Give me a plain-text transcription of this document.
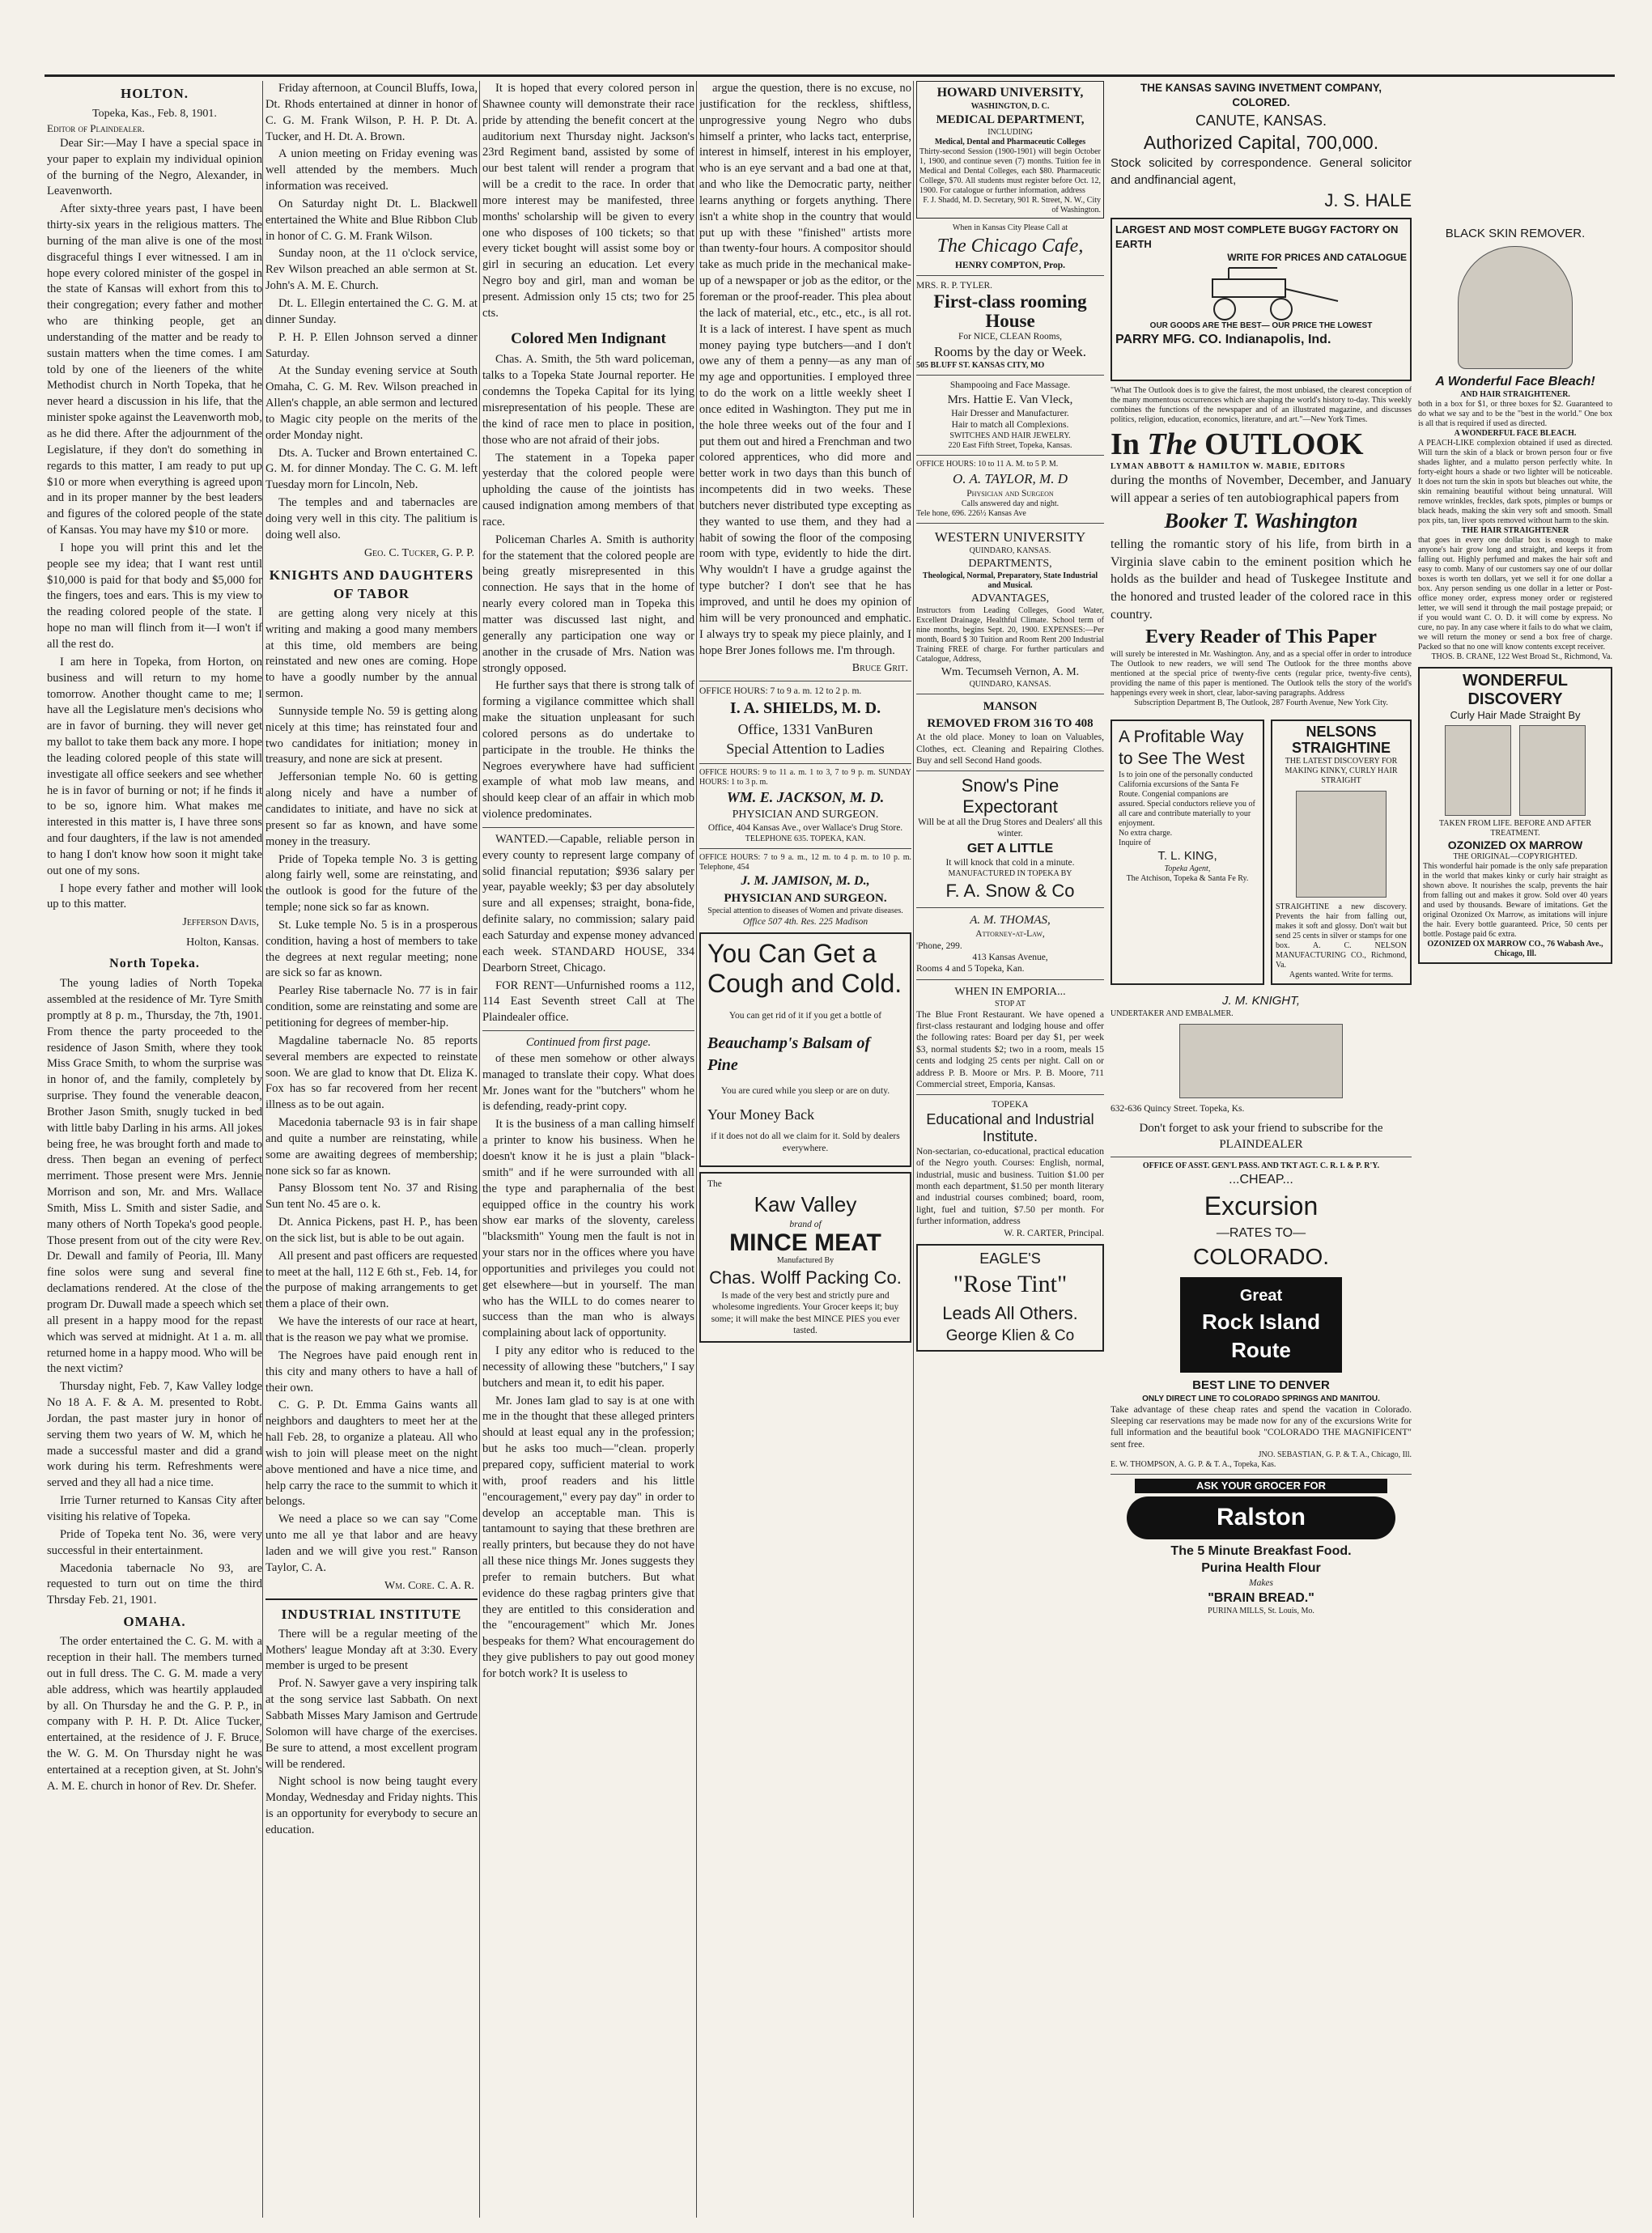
HOLTON.
Topeka, Kas., Feb. 8, 1901.
Editor of Plaindealer.

Dear Sir:—May I have a special space in your paper to explain my individual opinion of the burning of the Negro, Alexander, in Leavenworth.

After sixty-three years past, I have been thirty-six years in the religious matters. The burning of the man alive is one of the most disgraceful things I ever witnessed. I am in hope every colored minister of the gospel in the state of Kansas will exhort from this to their congregation; every father and mother who are thinking people, get an understanding of the matter and be ready to sustain matters when the time comes. I am told by one of the lieeners of the white Methodist church in North Topeka, that he never heard a discussion in his life, that the minister spoke against the Leavenworth mob, as he did there. After the adjournment of the Legislature, if they don't do something in regards to this matter, I am ready to put up $10 or more when everything is agreed upon and in its proper manner by the best leaders and figures of the colored people of the state of Kansas. You may have my $10 or more.

I hope you will print this and let the people see my idea; that I want rest until $10,000 is paid for that body and $5,000 for the fingers, toes and ears. This is my view to the reading colored people of the state. I hope no man will flinch from it—I won't if all the rest do.

I am here in Topeka, from Horton, on business and will return to my home tomorrow. Another thought came to me; I have all the Legislature men's decisions who are in favor of burning. they will never get my ballot to take them back any more. I hope the leading colored people of this state will investigate all office seekers and see whether he is in favor of burning or not; if he finds it to be so, ignore him. What makes me interested in this matter is, I have three sons and four daughters, if the law is not amended to hang I don't know how soon it might take out one of my sons.

I hope every father and mother will look up to this matter.

Jefferson Davis,
Holton, Kansas.
North Topeka.

The young ladies of North Topeka assembled at the residence of Mr. Tyre Smith promptly at 8 p. m., Thursday, the 7th, 1901. From thence the party proceeded to the residence of Jason Smith, where they took Miss Grace Smith, to whom the surprise was in honor of, and the family, completely by surprise. They found the venerable deacon, Brother Jason Smith, snugly tucked in bed with little baby Darling in his arms. All jokes being free, he was brought forth and made to dress. Then began an evening of perfect merriment. Those present were Mrs. Jennie Morrison and son, Mr. and Mrs. Wallace Smith, Miss L. Smith and sister Sadie, and many others of North Topeka's good people. Those present from out of the city were Rev. Dr. Dewall and family of Peoria, Ill. Many fine solos were sung and several fine declamations rendered. At the close of the program Dr. Duwall made a speech which set all present in a happy mood for the repast which was served at midnight. At 1 a. m. all returned home in a happy mood. Who will be the next victim?

Thursday night, Feb. 7, Kaw Valley lodge No 18 A. F. & A. M. presented to Robt. Jordan, the past master jury in honor of serving them two years of W. M, which he made a successful master and did a grand work during his term. Refreshments were served and they all had a nice time.

Irrie Turner returned to Kansas City after visiting his relative of Topeka.

Pride of Topeka tent No. 36, were very successful in their entertainment.

Macedonia tabernacle No 93, are requested to turn out on time the third Thrsday Feb. 21, 1901.

OMAHA.

The order entertained the C. G. M. with a reception in their hall. The members turned out in full dress. The C. G. M. made a very able address, which was heartily applauded by all. On Thursday he and the G. P. P., in company with P. H. P. Dt. Alice Tucker, entertained, at the residence of J. F. Bruce, the W. G. M. On Thursday night he was entertained at a reception given, at St. John's A. M. E. church in honor of Rev. Dr. Shefer.

Friday afternoon, at Council Bluffs, Iowa, Dt. Rhods entertained at dinner in honor of C. G. M. Frank Wilson, P. H. P. Dt. A. Tucker, and H. Dt. A. Brown.

A union meeting on Friday evening was well attended by the members. Much information was received.

On Saturday night Dt. L. Blackwell entertained the White and Blue Ribbon Club in honor of C. G. M. Frank Wilson.

Sunday noon, at the 11 o'clock service, Rev Wilson preached an able sermon at St. John's A. M. E. Church.

Dt. L. Ellegin entertained the C. G. M. at dinner Sunday.

P. H. P. Ellen Johnson served a dinner Saturday.

At the Sunday evening service at South Omaha, C. G. M. Rev. Wilson preached in Allen's chapple, an able sermon and lectured to Magic city people on the merits of the order Monday night.

Dts. A. Tucker and Brown entertained C. G. M. for dinner Monday. The C. G. M. left Tuesday morn for Lincoln, Neb.

The temples and and tabernacles are doing very well in this city. The palitium is doing well also.

Geo. C. Tucker, G. P. P.
KNIGHTS AND DAUGHTERS OF TABOR

are getting along very nicely at this writing and making a good many members at this time, old members are being reinstated and new ones are coming. Hope to have a goodly number by the annual sermon.

Sunnyside temple No. 59 is getting along nicely at this time; has reinstated four and two candidates for initiation; money in treasury, and none are sick at present.

Jeffersonian temple No. 60 is getting along nicely and have a number of candidates to initiate, and have no sick at present so far as known, and have some money in the treasury.

Pride of Topeka temple No. 3 is getting along fairly well, some are reinstating, and the outlook is good for the future of the temple; none sick so far as known.

St. Luke temple No. 5 is in a prosperous condition, having a host of members to take the degrees at next regular meeting; none are sick so far as known.

Pearley Rise tabernacle No. 77 is in fair condition, some are reinstating and some are petitioning for degrees of member-hip.

Magdaline tabernacle No. 85 reports several members are expected to reinstate soon. We are glad to know that Dt. Eliza K. Fox has so far recovered from her recent illness as to be out again.

Macedonia tabernacle 93 is in fair shape and quite a number are reinstating, while some are awaiting degrees of membership; none sick so far as known.

Pansy Blossom tent No. 37 and Rising Sun tent No. 45 are o. k.

Dt. Annica Pickens, past H. P., has been on the sick list, but is able to be out again.

All present and past officers are requested to meet at the hall, 112 E 6th st., Feb. 14, for the purpose of making arrangements to get them a place of their own.

We have the interests of our race at heart, that is the reason we pay what we promise.

The Negroes have paid enough rent in this city and many others to have a hall of their own.

C. G. P. Dt. Emma Gains wants all neighbors and daughters to meet her at the hall Feb. 28, to organize a plateau. All who wish to join will please meet on the night above mentioned and have a nice time, and help carry the race to the summit to which it belongs.

We need a place so we can say "Come unto me all ye that labor and are heavy laden and we will give you rest." Ranson Taylor, C. A.

Wm. Core. C. A. R.
INDUSTRIAL INSTITUTE

There will be a regular meeting of the Mothers' league Monday aft at 3:30. Every member is urged to be present

Prof. N. Sawyer gave a very inspiring talk at the song service last Sabbath. On next Sabbath Misses Mary Jamison and Gertrude Solomon will have charge of the exercises. Be sure to attend, a most excellent program will be rendered.

Night school is now being taught every Monday, Wednesday and Friday nights. This is an opportunity for everybody to secure an education.

It is hoped that every colored person in Shawnee county will demonstrate their race pride by attending the benefit concert at the auditorium next Thursday night. Jackson's 23rd Regiment band, assisted by some of our best talent will render a program that will be a credit to the race. In order that more interest may be manifested, three months' scholarship will be given to every one who disposes of 100 tickets; so that every ticket bought will assist some boy or girl in securing an education. Let every Negro boy and girl, man and woman be present. Admission only 15 cts; two for 25 cts.

Colored Men Indignant

Chas. A. Smith, the 5th ward policeman, talks to a Topeka State Journal reporter. He condemns the Topeka Capital for its lying misrepresentation of his people. These are the kind of race men to place in position, those who are not afraid of their jobs.

The statement in a Topeka paper yesterday that the colored people were upholding the cause of the jointists has caused indignation among members of that race.

Policeman Charles A. Smith is authority for the statement that the colored people are being greatly misrepresented in this connection. He says that in the home of nearly every colored man in Topeka this matter was discussed last night, and generally any participation one way or another in the crusade of Mrs. Nation was strongly opposed.

He further says that there is strong talk of forming a vigilance committee which shall make the situation unpleasant for such colored persons as do undertake to participate in the trouble. He thinks the Negroes everywhere have had sufficient example of what mob law means, and should keep clear of an affair in which mob violence predominates.

WANTED.—Capable, reliable person in every county to represent large company of solid financial reputation; $936 salary per year, payable weekly; $3 per day absolutely sure and all expenses; straight, bona-fide, definite salary, no commission; salary paid each Saturday and expense money advanced each week. STANDARD HOUSE, 334 Dearborn Street, Chicago.

FOR RENT—Unfurnished rooms a 112, 114 East Seventh street Call at The Plaindealer office.

Continued from first page.

of these men somehow or other always managed to translate their copy. What does Mr. Jones want for the "butchers" whom he is defending, ready-print copy.

It is the business of a man calling himself a printer to know his business. When he doesn't know it he is just a plain "black-smith" and if he were surrounded with all the type and paraphernalia of the best equipped office in the country his work show ear marks of the sloventy, careless "blacksmith" Young men the fault is not in your stars nor in the offices where you have opportunities and privileges you could not get elsewhere—but in yourself. The man who has the WILL to do comes nearer to success than the man who is always complaining about lack of opportunity.

I pity any editor who is reduced to the necessity of allowing these "butchers," I say butchers and mean it, to edit his paper.

Mr. Jones Iam glad to say is at one with me in the thought that these alleged printers should at least equal any in the profession; but he asks too much—"clean. properly prepared copy, sufficient material to work with, proof readers and his little "encouragement," every pay day" in order to develop an acceptable man. This is tantamount to saying that these brethren are really printers, but because they do not have all these nice things Mr. Jones suggests they prefer to remain butchers. But what evidence do these ragbag printers give that they are entitled to this consideration and the "encouragement" which Mr. Jones bespeaks for them? What encouragement do they give publishers to pay out good money for botch work? It is useless to

argue the question, there is no excuse, no justification for the reckless, shiftless, unprogressive young Negro who dubs himself a printer, who lacks tact, enterprise, interest in himself, interest in his employer, who is an eye servant and a bad one at that, and who like the Democratic party, neither learns anything or forgets anything. There isn't a white shop in the country that would put up with these "finished" artists more than twenty-four hours. A compositor should take as much pride in the mechanical make-up of a newspaper or job as the editor, or the foreman or the proof-reader. This plea about the lack of material, etc., etc., etc., is all rot. It is a lack of interest. I have spent as much money paying type butchers—and I don't owe any of them a penny—as any man of my age and opportunities. I employed three to do the work on a little weekly sheet I once edited in Washington. They put me in the hole three weeks out of the four and I put them out and hired a Frenchman and two colored apprentices, who did more and better work in two days than this bunch of incompetents did in two weeks. These butchers never distributed type excepting as they wanted to use them, and they had a habit of sowing the floor of the composing room with type, evidently to hide the dirt. Why wouldn't I have a grudge against the type butcher? I don't see that he has improved, and until he does my opinion of him will be very pronounced and emphatic. I always try to speak my piece plainly, and I hope Brer Jones follows me. I'm through.

Bruce Grit.
OFFICE HOURS: 7 to 9 a. m. 12 to 2 p. m.
I. A. SHIELDS, M. D.
Office, 1331 VanBuren
Special Attention to Ladies
OFFICE HOURS: 9 to 11 a. m. 1 to 3, 7 to 9 p. m. SUNDAY HOURS: 1 to 3 p. m.
WM. E. JACKSON, M. D.
PHYSICIAN AND SURGEON.
Office, 404 Kansas Ave., over Wallace's Drug Store.
TELEPHONE 635. TOPEKA, KAN.
OFFICE HOURS: 7 to 9 a. m., 12 m. to 4 p. m. to 10 p. m. Telephone, 454
J. M. JAMISON, M. D.,
PHYSICIAN AND SURGEON.
Special attention to diseases of Women and private diseases.
Office 507 4th. Res. 225 Madison
You Can Get a Cough and Cold.
You can get rid of it if you get a bottle of
Beauchamp's Balsam of Pine
You are cured while you sleep or are on duty.
Your Money Back
if it does not do all we claim for it. Sold by dealers everywhere.
The
Kaw Valley
brand of
MINCE MEAT
Manufactured By
Chas. Wolff Packing Co.
Is made of the very best and strictly pure and wholesome ingredients. Your Grocer keeps it; buy some; it will make the best MINCE PIES you ever tasted.
HOWARD UNIVERSITY,
WASHINGTON, D. C.
MEDICAL DEPARTMENT,
INCLUDING
Medical, Dental and Pharmaceutic Colleges
Thirty-second Session (1900-1901) will begin October 1, 1900, and continue seven (7) months. Tuition fee in Medical and Dental Colleges, each $80. Pharmaceutic College, $70. All students must register before Oct. 12, 1900. For catalogue or further information, address
F. J. Shadd, M. D. Secretary, 901 R. Street, N. W., City of Washington.
When in Kansas City Please Call at
The Chicago Cafe,
HENRY COMPTON, Prop.
MRS. R. P. TYLER.
First-class rooming House
For NICE, CLEAN Rooms,
Rooms by the day or Week.
505 BLUFF ST. KANSAS CITY, MO
Shampooing and Face Massage.
Mrs. Hattie E. Van Vleck,
Hair Dresser and Manufacturer.
Hair to match all Complexions.
SWITCHES AND HAIR JEWELRY.
220 East Fifth Street, Topeka, Kansas.
OFFICE HOURS: 10 to 11 A. M. to 5 P. M.
O. A. TAYLOR, M. D
Physician and Surgeon
Calls answered day and night.
Tele hone, 696. 226½ Kansas Ave
WESTERN UNIVERSITY
QUINDARO, KANSAS.
DEPARTMENTS,
Theological, Normal, Preparatory, State Industrial and Musical.
ADVANTAGES,
Instructors from Leading Colleges, Good Water, Excellent Drainage, Healthful Climate. School term of nine months, begins Sept. 20, 1900. EXPENSES:—Per month, Board $ 30 Tuition and Room Rent 200 Industrial Training FREE of charge. For further particulars and Catalogue, Address,
Wm. Tecumseh Vernon, A. M.
QUINDARO, KANSAS.
MANSON
REMOVED FROM 316 TO 408
At the old place. Money to loan on Valuables, Clothes, ect. Cleaning and Repairing Clothes. Buy and sell Second Hand goods.
Snow's Pine Expectorant
Will be at all the Drug Stores and Dealers' all this winter.
GET A LITTLE
It will knock that cold in a minute.
MANUFACTURED IN TOPEKA BY
F. A. Snow & Co
A. M. THOMAS,
Attorney-at-Law,
'Phone, 299.
413 Kansas Avenue,
Rooms 4 and 5 Topeka, Kan.
WHEN IN EMPORIA...
STOP AT
The Blue Front Restaurant. We have opened a first-class restaurant and lodging house and offer the following rates: Board per day $1, per week $3, normal students $2; two in a room, meals 15 cents and lodging 25 cents per night. Call on or address P. B. Moore or Mrs. P. B. Moore, 711 Commercial street, Emporia, Kansas.
TOPEKA
Educational and Industrial Institute.
Non-sectarian, co-educational, practical education of the Negro youth. Courses: English, normal, industrial, music and business. Tuition $1.00 per month each department, $1.50 per month literary and industrial courses combined; board, room, light, fuel and tuition, $7.50 per month. For further information, address
W. R. CARTER, Principal.
EAGLE'S
"Rose Tint"
Leads All Others.
George Klien & Co
THE KANSAS SAVING INVETMENT COMPANY, COLORED.
CANUTE, KANSAS.
Authorized Capital, 700,000.
Stock solicited by correspondence. General solicitor and andfinancial agent,
J. S. HALE
LARGEST AND MOST COMPLETE BUGGY FACTORY ON EARTH
WRITE FOR PRICES AND CATALOGUE
OUR GOODS ARE THE BEST— OUR PRICE THE LOWEST
PARRY MFG. CO. Indianapolis, Ind.
"What The Outlook does is to give the fairest, the most unbiased, the clearest conception of the many momentous occurrences which are shaping the world's history to-day. This weekly combines the functions of the newspaper and of an illustrated magazine, and discusses politics, religion, education, economics, literature, and art."—New York Times.
In The OUTLOOK
LYMAN ABBOTT & HAMILTON W. MABIE, EDITORS
during the months of November, December, and January will appear a series of ten autobiographical papers from
Booker T. Washington
telling the romantic story of his life, from birth in a Virginia slave cabin to the eminent position which he holds as the builder and head of Tuskegee Institute and the honored and trusted leader of the colored race in this country.
Every Reader of This Paper
will surely be interested in Mr. Washington. Any, and as a special offer in order to introduce The Outlook to new readers, we will send The Outlook for the three months above mentioned at the special price of twenty-five cents (regular price, twenty-five cents), providing the name of this paper is mentioned. The Outlook tells the story of the world's happenings every week in short, clear, labor-saving paragraphs. Address
Subscription Department B, The Outlook, 287 Fourth Avenue, New York City.
A Profitable Way to See The West
Is to join one of the personally conducted California excursions of the Santa Fe Route. Congenial companions are assured. Special conductors relieve you of all care and contribute materially to your enjoyment.
No extra charge.
Inquire of
T. L. KING,
Topeka Agent,
The Atchison, Topeka & Santa Fe Ry.
NELSONS STRAIGHTINE
THE LATEST DISCOVERY FOR MAKING KINKY, CURLY HAIR STRAIGHT
STRAIGHTINE a new discovery. Prevents the hair from falling out, makes it soft and glossy. Don't wait but send 25 cents in silver or stamps for one box. A. C. NELSON MANUFACTURING CO., Richmond, Va.
Agents wanted. Write for terms.
J. M. KNIGHT,
UNDERTAKER AND EMBALMER.
632-636 Quincy Street. Topeka, Ks.
Don't forget to ask your friend to subscribe for the PLAINDEALER
OFFICE OF ASST. GEN'L PASS. AND TKT AGT. C. R. I. & P. R'Y.
...CHEAP...
Excursion
—RATES TO—
COLORADO.
Great
Rock Island
Route
BEST LINE TO DENVER
ONLY DIRECT LINE TO COLORADO SPRINGS AND MANITOU.
Take advantage of these cheap rates and spend the vacation in Colorado. Sleeping car reservations may be made now for any of the excursions Write for full information and the beautiful book "COLORADO THE MAGNIFICENT" sent free.
JNO. SEBASTIAN, G. P. & T. A., Chicago, Ill.
E. W. THOMPSON, A. G. P. & T. A., Topeka, Kas.
ASK YOUR GROCER FOR
Ralston
The 5 Minute Breakfast Food.
Purina Health Flour
Makes
"BRAIN BREAD."
PURINA MILLS, St. Louis, Mo.
BLACK SKIN REMOVER.
A Wonderful Face Bleach!
AND HAIR STRAIGHTENER.
both in a box for $1, or three boxes for $2. Guaranteed to do what we say and to be the "best in the world." One box is all that is required if used as directed.
A WONDERFUL FACE BLEACH.
A PEACH-LIKE complexion obtained if used as directed. Will turn the skin of a black or brown person four or five shades lighter, and a mulatto person perfectly white. In forty-eight hours a shade or two lighter will be noticeable. It does not turn the skin in spots but bleaches out white, the skin remaining beautiful without being unnatural. Will remove wrinkles, freckles, dark spots, pimples or bumps or black heads, making the skin very soft and smooth. Small pox pits, tan, liver spots removed without harm to the skin.
THE HAIR STRAIGHTENER
that goes in every one dollar box is enough to make anyone's hair grow long and straight, and keeps it from falling out. Highly perfumed and makes the hair soft and easy to comb. Many of our customers say one of our dollar boxes is worth ten dollars, yet we sell it for one dollar a box. Any person sending us one dollar in a letter or Post-office money order, express money order or registered letter, we will send it through the mail postage prepaid; or if you would want C. O. D. it will come by express. No cure, no pay. In any case where it fails to do what we claim, we will return the money or send a box free of charge. Packed so that no one will know contents except receiver.
THOS. B. CRANE, 122 West Broad St., Richmond, Va.
WONDERFUL DISCOVERY
Curly Hair Made Straight By
TAKEN FROM LIFE. BEFORE AND AFTER TREATMENT.
OZONIZED OX MARROW
THE ORIGINAL—COPYRIGHTED.
This wonderful hair pomade is the only safe preparation in the world that makes kinky or curly hair straight as shown above. It nourishes the scalp, prevents the hair from falling out and makes it grow. Sold over 40 years and used by thousands. Beware of imitations. Get the original Ozonized Ox Marrow, as imitations will injure the hair. Every bottle guaranteed. Price, 50 cents per bottle. Postage paid 6c extra.
OZONIZED OX MARROW CO., 76 Wabash Ave., Chicago, Ill.
